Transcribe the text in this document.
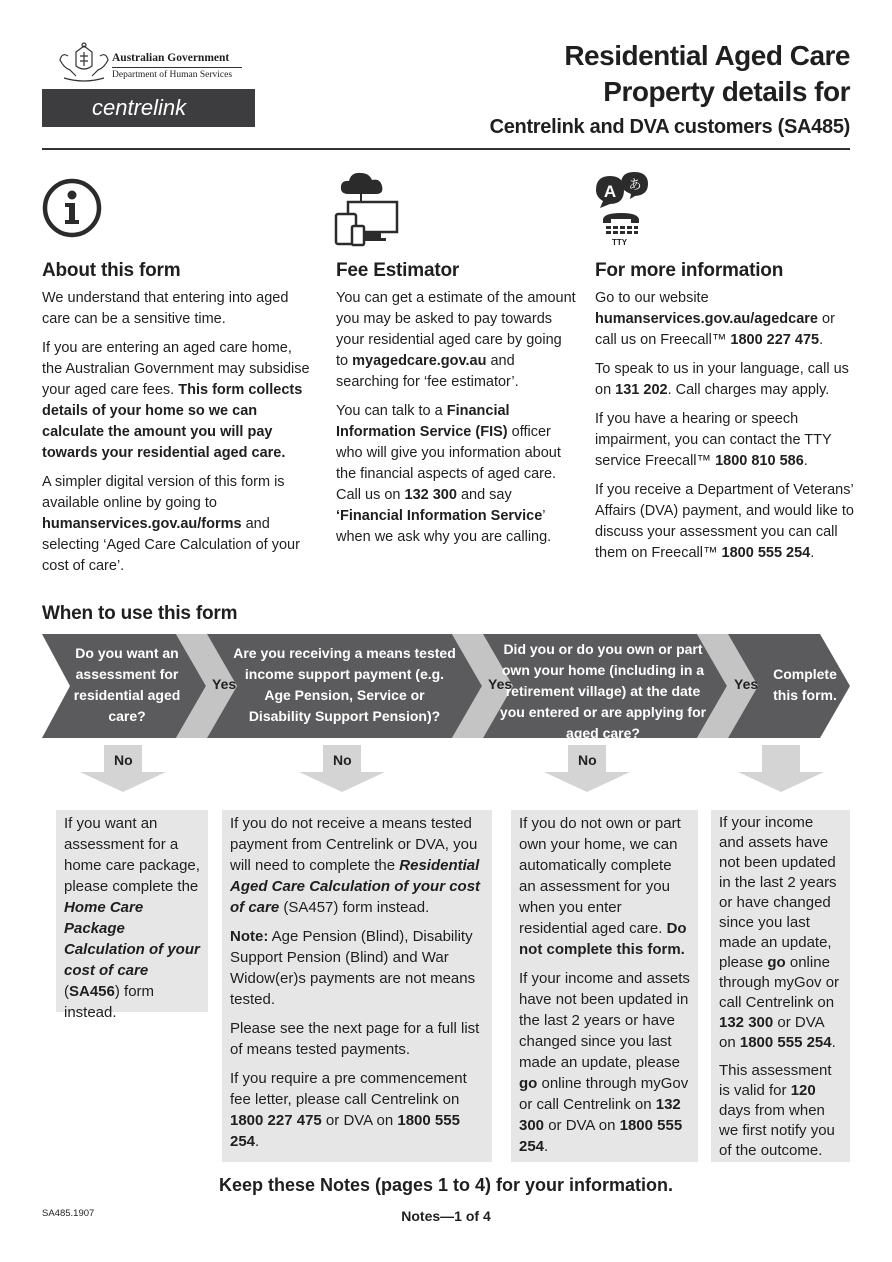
Australian Government
Department of Human Services
centrelink
Residential Aged Care
Property details for
Centrelink and DVA customers (SA485)
A あ
TTY
About this form

We understand that entering into aged care can be a sensitive time.

If you are entering an aged care home, the Australian Government may subsidise your aged care fees. This form collects details of your home so we can calculate the amount you will pay towards your residential aged care.

A simpler digital version of this form is available online by going to humanservices.gov.au/forms and selecting ‘Aged Care Calculation of your cost of care’.

Fee Estimator

You can get a estimate of the amount you may be asked to pay towards your residential aged care by going to myagedcare.gov.au and searching for ‘fee estimator’.

You can talk to a Financial Information Service (FIS) officer who will give you information about the financial aspects of aged care. Call us on 132 300 and say ‘Financial Information Service’ when we ask why you are calling.

For more information

Go to our website humanservices.gov.au/agedcare or call us on Freecall™ 1800 227 475.

To speak to us in your language, call us on 131 202. Call charges may apply.

If you have a hearing or speech impairment, you can contact the TTY service Freecall™ 1800 810 586.

If you receive a Department of Veterans’ Affairs (DVA) payment, and would like to discuss your assessment you can call them on Freecall™ 1800 555 254.

When to use this form
Do you want an assessment for residential aged care?
Are you receiving a means tested income support payment (e.g. Age Pension, Service or Disability Support Pension)?
Did you or do you own or part own your home (including in a retirement village) at the date you entered or are applying for aged care?
Complete this form.
Yes	Yes	Yes
No	No	No

If you want an assessment for a home care package, please complete the Home Care Package Calculation of your cost of care (SA456) form instead.

If you do not receive a means tested payment from Centrelink or DVA, you will need to complete the Residential Aged Care Calculation of your cost of care (SA457) form instead.

Note: Age Pension (Blind), Disability Support Pension (Blind) and War Widow(er)s payments are not means tested.

Please see the next page for a full list of means tested payments.

If you require a pre commencement fee letter, please call Centrelink on 1800 227 475 or DVA on 1800 555 254.

If you do not own or part own your home, we can automatically complete an assessment for you when you enter residential aged care. Do not complete this form.

If your income and assets have not been updated in the last 2 years or have changed since you last made an update, please go online through myGov or call Centrelink on 132 300 or DVA on 1800 555 254.

If your income and assets have not been updated in the last 2 years or have changed since you last made an update, please go online through myGov or call Centrelink on 132 300 or DVA on 1800 555 254.

This assessment is valid for 120 days from when we first notify you of the outcome.

Keep these Notes (pages 1 to 4) for your information.
SA485.1907	Notes—1 of 4
